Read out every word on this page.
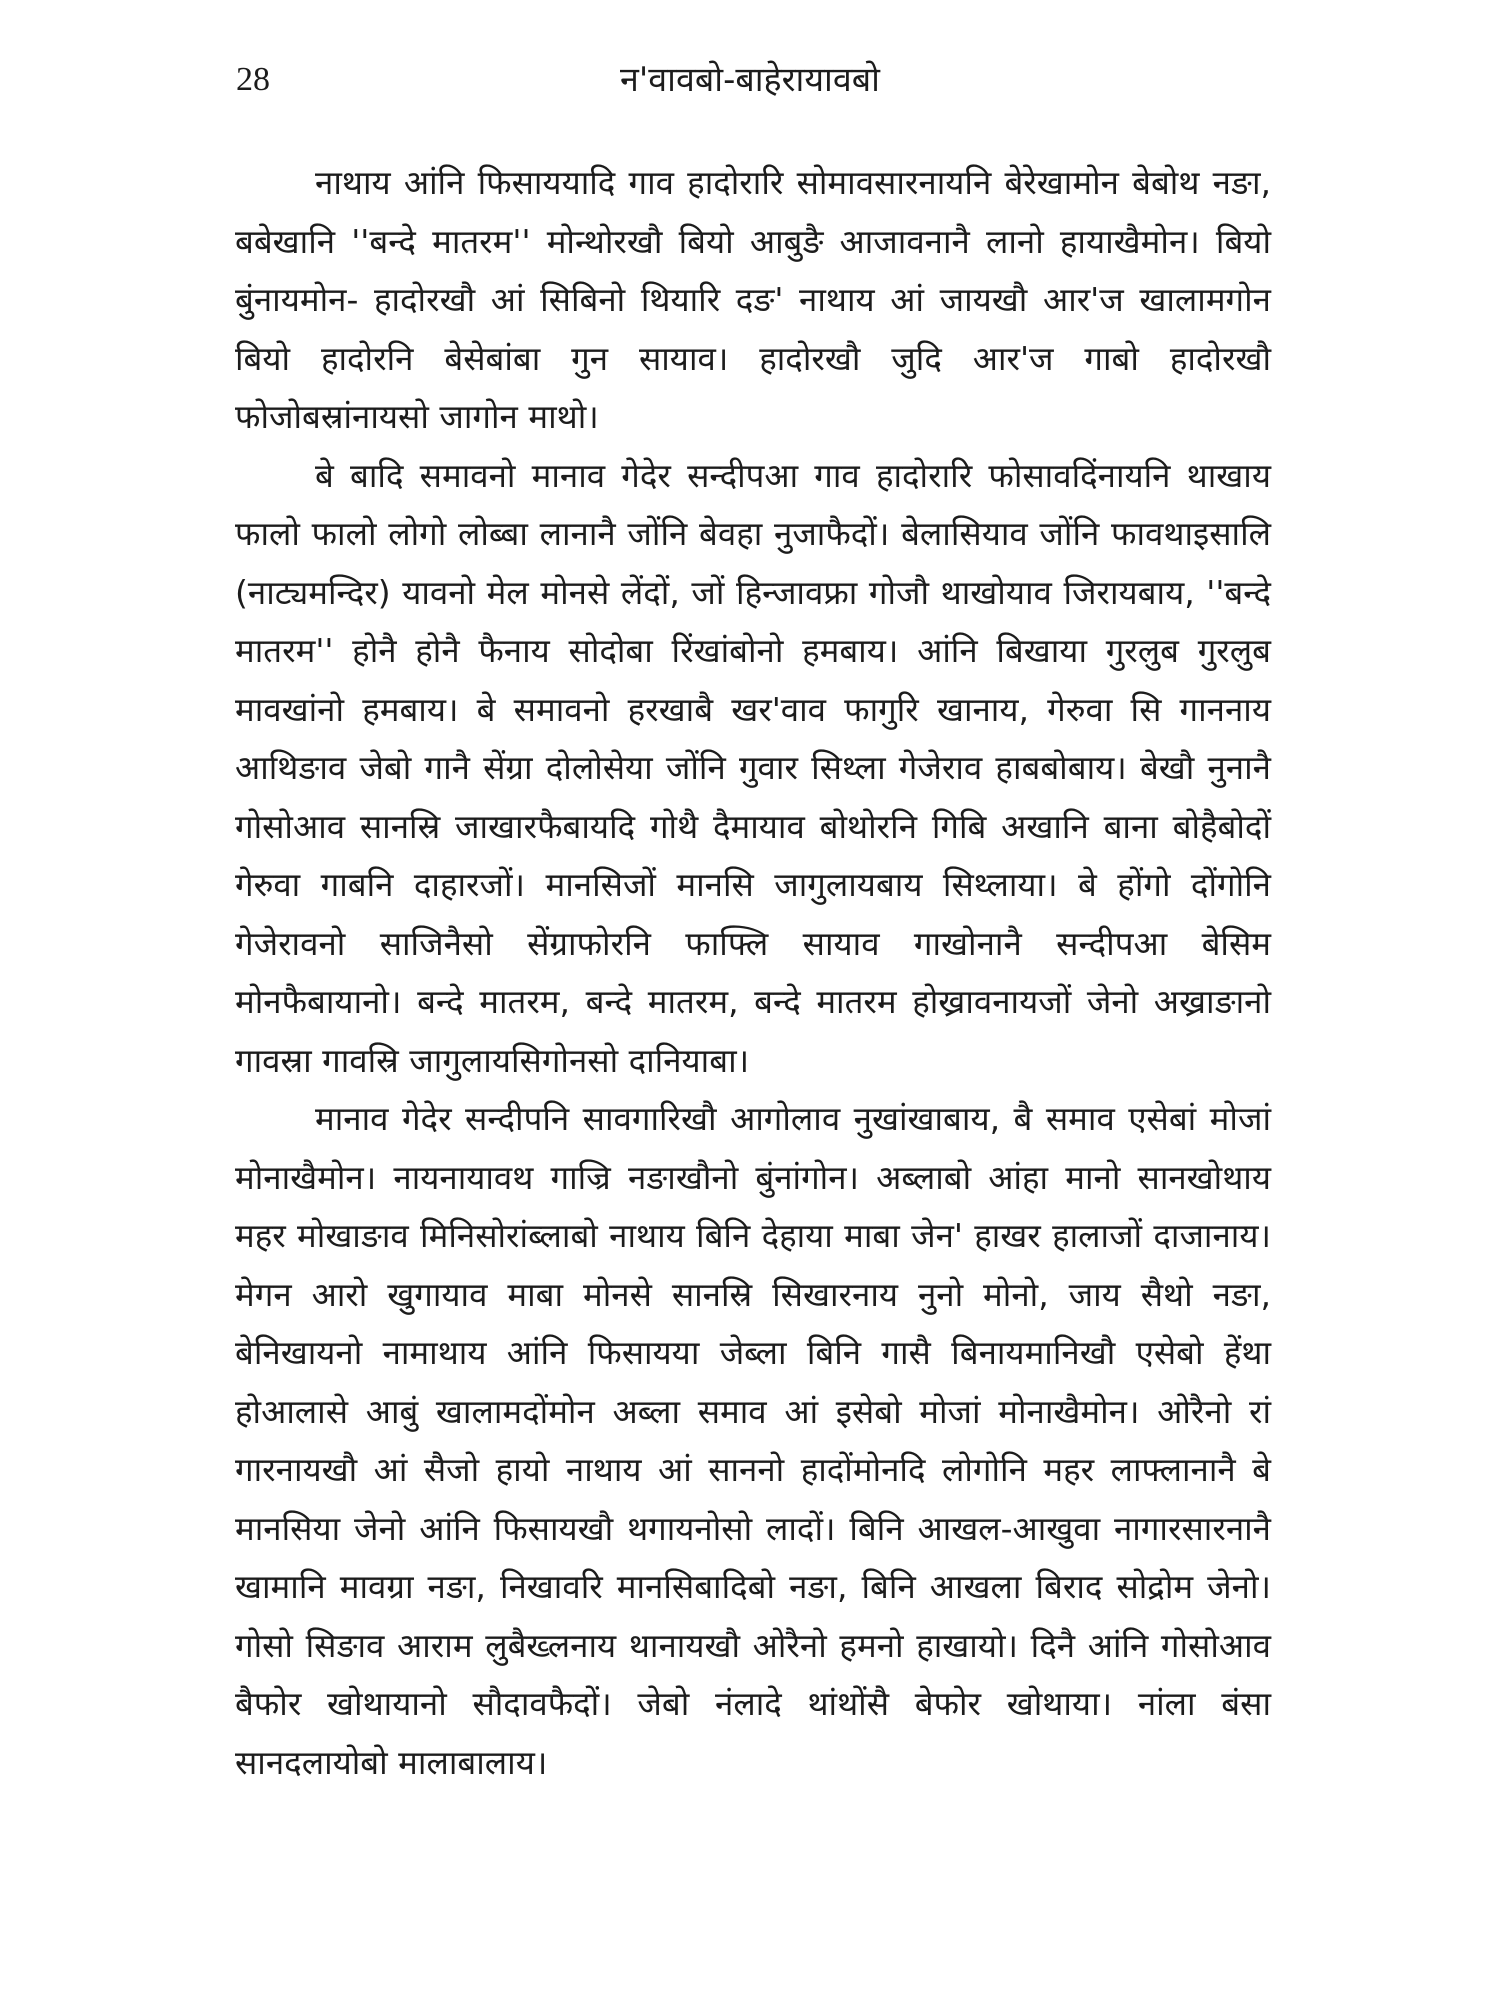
28	न'वावबो-बाहेरायावबो

नाथाय आंनि फिसाययादि गाव हादोरारि सोमावसारनायनि बेरेखामोन बेबोथ नङा, बबेखानि ''बन्दे मातरम'' मोन्थोरखौ बियो आबुङै आजावनानै लानो हायाखैमोन। बियो बुंनायमोन- हादोरखौ आं सिबिनो थियारि दङ' नाथाय आं जायखौ आर'ज खालामगोन बियो हादोरनि बेसेबांबा गुन सायाव। हादोरखौ जुदि आर'ज गाबो हादोरखौ फोजोबस्रांनायसो जागोन माथो।

बे बादि समावनो मानाव गेदेर सन्दीपआ गाव हादोरारि फोसावदिंनायनि थाखाय फालो फालो लोगो लोब्बा लानानै जोंनि बेवहा नुजाफैदों। बेलासियाव जोंनि फावथाइसालि (नाट्यमन्दिर) यावनो मेल मोनसे लेंदों, जों हिन्जावफ्रा गोजौ थाखोयाव जिरायबाय, ''बन्दे मातरम'' होनै होनै फैनाय सोदोबा रिंखांबोनो हमबाय। आंनि बिखाया गुरलुब गुरलुब मावखांनो हमबाय। बे समावनो हरखाबै खर'वाव फागुरि खानाय, गेरुवा सि गाननाय आथिङाव जेबो गानै सेंग्रा दोलोसेया जोंनि गुवार सिथ्ला गेजेराव हाबबोबाय। बेखौ नुनानै गोसोआव सानस्रि जाखारफैबायदि गोथै दैमायाव बोथोरनि गिबि अखानि बाना बोहैबोदों गेरुवा गाबनि दाहारजों। मानसिजों मानसि जागुलायबाय सिथ्लाया। बे होंगो दोंगोनि गेजेरावनो साजिनैसो सेंग्राफोरनि फाफ्लि सायाव गाखोनानै सन्दीपआ बेसिम मोनफैबायानो। बन्दे मातरम, बन्दे मातरम, बन्दे मातरम होख्रावनायजों जेनो अख्राङानो गावस्रा गावस्रि जागुलायसिगोनसो दानियाबा।

मानाव गेदेर सन्दीपनि सावगारिखौ आगोलाव नुखांखाबाय, बै समाव एसेबां मोजां मोनाखैमोन। नायनायावथ गाज्रि नङाखौनो बुंनांगोन। अब्लाबो आंहा मानो सानखोथाय महर मोखाङाव मिनिसोरांब्लाबो नाथाय बिनि देहाया माबा जेन' हाखर हालाजों दाजानाय। मेगन आरो खुगायाव माबा मोनसे सानस्रि सिखारनाय नुनो मोनो, जाय सैथो नङा, बेनिखायनो नामाथाय आंनि फिसायया जेब्ला बिनि गासै बिनायमानिखौ एसेबो हेंथा होआलासे आबुं खालामदोंमोन अब्ला समाव आं इसेबो मोजां मोनाखैमोन। ओरैनो रां गारनायखौ आं सैजो हायो नाथाय आं साननो हादोंमोनदि लोगोनि महर लाफ्लानानै बे मानसिया जेनो आंनि फिसायखौ थगायनोसो लादों। बिनि आखल-आखुवा नागारसारनानै खामानि मावग्रा नङा, निखावरि मानसिबादिबो नङा, बिनि आखला बिराद सोद्रोम जेनो। गोसो सिङाव आराम लुबैख्लनाय थानायखौ ओरैनो हमनो हाखायो। दिनै आंनि गोसोआव बैफोर खोथायानो सौदावफैदों। जेबो नंलादे थांथोंसै बेफोर खोथाया। नांला बंसा सानदलायोबो मालाबालाय।
